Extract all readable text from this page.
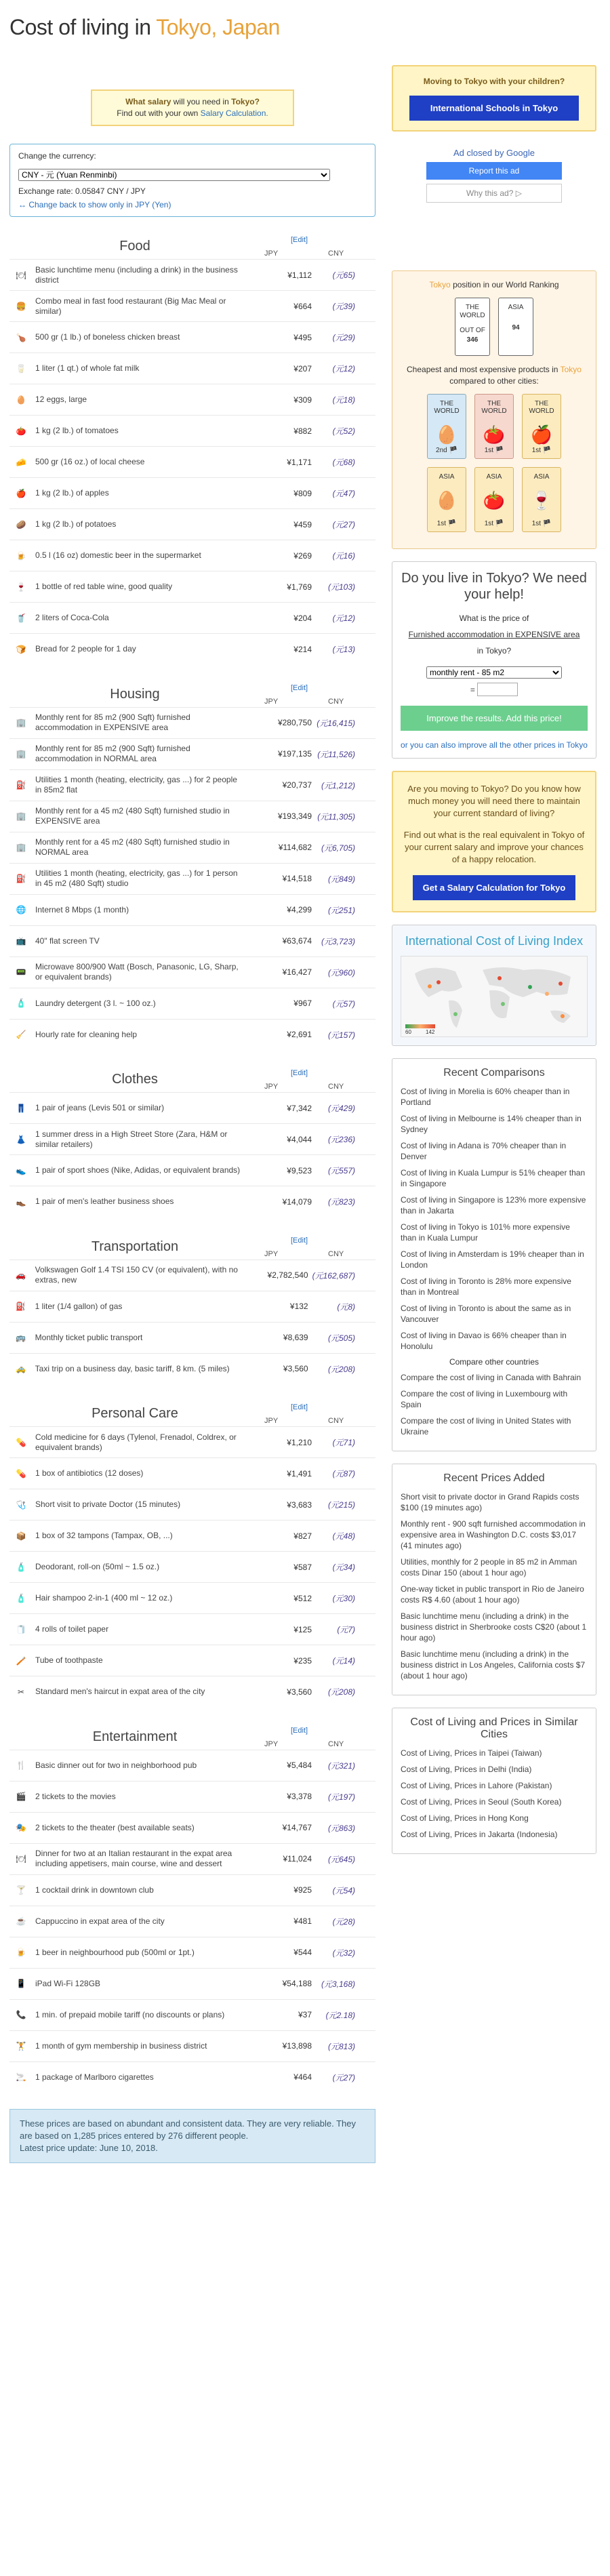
Cost of living in Tokyo, Japan
What salary will you need in Tokyo?
Find out with your own Salary Calculation.
Change the currency:
CNY - 元 (Yuan Renminbi)
Exchange rate: 0.05847 CNY / JPY
↔ Change back to show only in JPY (Yen)
Food	[Edit]
JPY	CNY
🍽	Basic lunchtime menu (including a drink) in the business district	¥1,112	(元65)
🍔	Combo meal in fast food restaurant (Big Mac Meal or similar)	¥664	(元39)
🍗	500 gr (1 lb.) of boneless chicken breast	¥495	(元29)
🥛	1 liter (1 qt.) of whole fat milk	¥207	(元12)
🥚	12 eggs, large	¥309	(元18)
🍅	1 kg (2 lb.) of tomatoes	¥882	(元52)
🧀	500 gr (16 oz.) of local cheese	¥1,171	(元68)
🍎	1 kg (2 lb.) of apples	¥809	(元47)
🥔	1 kg (2 lb.) of potatoes	¥459	(元27)
🍺	0.5 l (16 oz) domestic beer in the supermarket	¥269	(元16)
🍷	1 bottle of red table wine, good quality	¥1,769	(元103)
🥤	2 liters of Coca-Cola	¥204	(元12)
🍞	Bread for 2 people for 1 day	¥214	(元13)
Housing	[Edit]
JPY	CNY
🏢	Monthly rent for 85 m2 (900 Sqft) furnished accommodation in EXPENSIVE area	¥280,750	(元16,415)
🏢	Monthly rent for 85 m2 (900 Sqft) furnished accommodation in NORMAL area	¥197,135	(元11,526)
⛽	Utilities 1 month (heating, electricity, gas ...) for 2 people in 85m2 flat	¥20,737	(元1,212)
🏢	Monthly rent for a 45 m2 (480 Sqft) furnished studio in EXPENSIVE area	¥193,349	(元11,305)
🏢	Monthly rent for a 45 m2 (480 Sqft) furnished studio in NORMAL area	¥114,682	(元6,705)
⛽	Utilities 1 month (heating, electricity, gas ...) for 1 person in 45 m2 (480 Sqft) studio	¥14,518	(元849)
🌐	Internet 8 Mbps (1 month)	¥4,299	(元251)
📺	40" flat screen TV	¥63,674	(元3,723)
📟	Microwave 800/900 Watt (Bosch, Panasonic, LG, Sharp, or equivalent brands)	¥16,427	(元960)
🧴	Laundry detergent (3 l. ~ 100 oz.)	¥967	(元57)
🧹	Hourly rate for cleaning help	¥2,691	(元157)
Clothes	[Edit]
JPY	CNY
👖	1 pair of jeans (Levis 501 or similar)	¥7,342	(元429)
👗	1 summer dress in a High Street Store (Zara, H&M or similar retailers)	¥4,044	(元236)
👟	1 pair of sport shoes (Nike, Adidas, or equivalent brands)	¥9,523	(元557)
👞	1 pair of men's leather business shoes	¥14,079	(元823)
Transportation	[Edit]
JPY	CNY
🚗	Volkswagen Golf 1.4 TSI 150 CV (or equivalent), with no extras, new	¥2,782,540	(元162,687)
⛽	1 liter (1/4 gallon) of gas	¥132	(元8)
🚌	Monthly ticket public transport	¥8,639	(元505)
🚕	Taxi trip on a business day, basic tariff, 8 km. (5 miles)	¥3,560	(元208)
Personal Care	[Edit]
JPY	CNY
💊	Cold medicine for 6 days (Tylenol, Frenadol, Coldrex, or equivalent brands)	¥1,210	(元71)
💊	1 box of antibiotics (12 doses)	¥1,491	(元87)
🩺	Short visit to private Doctor (15 minutes)	¥3,683	(元215)
📦	1 box of 32 tampons (Tampax, OB, ...)	¥827	(元48)
🧴	Deodorant, roll-on (50ml ~ 1.5 oz.)	¥587	(元34)
🧴	Hair shampoo 2-in-1 (400 ml ~ 12 oz.)	¥512	(元30)
🧻	4 rolls of toilet paper	¥125	(元7)
🪥	Tube of toothpaste	¥235	(元14)
✂	Standard men's haircut in expat area of the city	¥3,560	(元208)
Entertainment	[Edit]
JPY	CNY
🍴	Basic dinner out for two in neighborhood pub	¥5,484	(元321)
🎬	2 tickets to the movies	¥3,378	(元197)
🎭	2 tickets to the theater (best available seats)	¥14,767	(元863)
🍽	Dinner for two at an Italian restaurant in the expat area including appetisers, main course, wine and dessert	¥11,024	(元645)
🍸	1 cocktail drink in downtown club	¥925	(元54)
☕	Cappuccino in expat area of the city	¥481	(元28)
🍺	1 beer in neighbourhood pub (500ml or 1pt.)	¥544	(元32)
📱	iPad Wi-Fi 128GB	¥54,188	(元3,168)
📞	1 min. of prepaid mobile tariff (no discounts or plans)	¥37	(元2.18)
🏋	1 month of gym membership in business district	¥13,898	(元813)
🚬	1 package of Marlboro cigarettes	¥464	(元27)
These prices are based on abundant and consistent data. They are very reliable. They are based on 1,285 prices entered by 276 different people.
Latest price update: June 10, 2018.
Moving to Tokyo with your children?
International Schools in Tokyo
Ad closed by Google
Report this ad
Why this ad? ▷

Tokyo position in our World Ranking

THE WORLD
OUT OF
346
ASIA
94

Cheapest and most expensive products in Tokyo compared to other cities:

THE WORLD
🥚
2nd 🏴
THE WORLD
🍅
1st 🏴
THE WORLD
🍎
1st 🏴
ASIA
🥚
1st 🏴
ASIA
🍅
1st 🏴
ASIA
🍷
1st 🏴
Do you live in Tokyo? We need your help!
What is the price of
Furnished accommodation in EXPENSIVE area
in Tokyo?
monthly rent - 85 m2
=
Improve the results. Add this price!
or you can also improve all the other prices in Tokyo

Are you moving to Tokyo? Do you know how much money you will need there to maintain your current standard of living?

Find out what is the real equivalent in Tokyo of your current salary and improve your chances of a happy relocation.

Get a Salary Calculation for Tokyo
International Cost of Living Index
60	142
Recent Comparisons
Cost of living in Morelia is 60% cheaper than in Portland
Cost of living in Melbourne is 14% cheaper than in Sydney
Cost of living in Adana is 70% cheaper than in Denver
Cost of living in Kuala Lumpur is 51% cheaper than in Singapore
Cost of living in Singapore is 123% more expensive than in Jakarta
Cost of living in Tokyo is 101% more expensive than in Kuala Lumpur
Cost of living in Amsterdam is 19% cheaper than in London
Cost of living in Toronto is 28% more expensive than in Montreal
Cost of living in Toronto is about the same as in Vancouver
Cost of living in Davao is 66% cheaper than in Honolulu
Compare other countries
Compare the cost of living in Canada with Bahrain
Compare the cost of living in Luxembourg with Spain
Compare the cost of living in United States with Ukraine
Recent Prices Added
Short visit to private doctor in Grand Rapids costs $100 (19 minutes ago)
Monthly rent - 900 sqft furnished accommodation in expensive area in Washington D.C. costs $3,017 (41 minutes ago)
Utilities, monthly for 2 people in 85 m2 in Amman costs Dinar 150 (about 1 hour ago)
One-way ticket in public transport in Rio de Janeiro costs R$ 4.60 (about 1 hour ago)
Basic lunchtime menu (including a drink) in the business district in Sherbrooke costs C$20 (about 1 hour ago)
Basic lunchtime menu (including a drink) in the business district in Los Angeles, California costs $7 (about 1 hour ago)
Cost of Living and Prices in Similar Cities
Cost of Living, Prices in Taipei (Taiwan)
Cost of Living, Prices in Delhi (India)
Cost of Living, Prices in Lahore (Pakistan)
Cost of Living, Prices in Seoul (South Korea)
Cost of Living, Prices in Hong Kong
Cost of Living, Prices in Jakarta (Indonesia)
